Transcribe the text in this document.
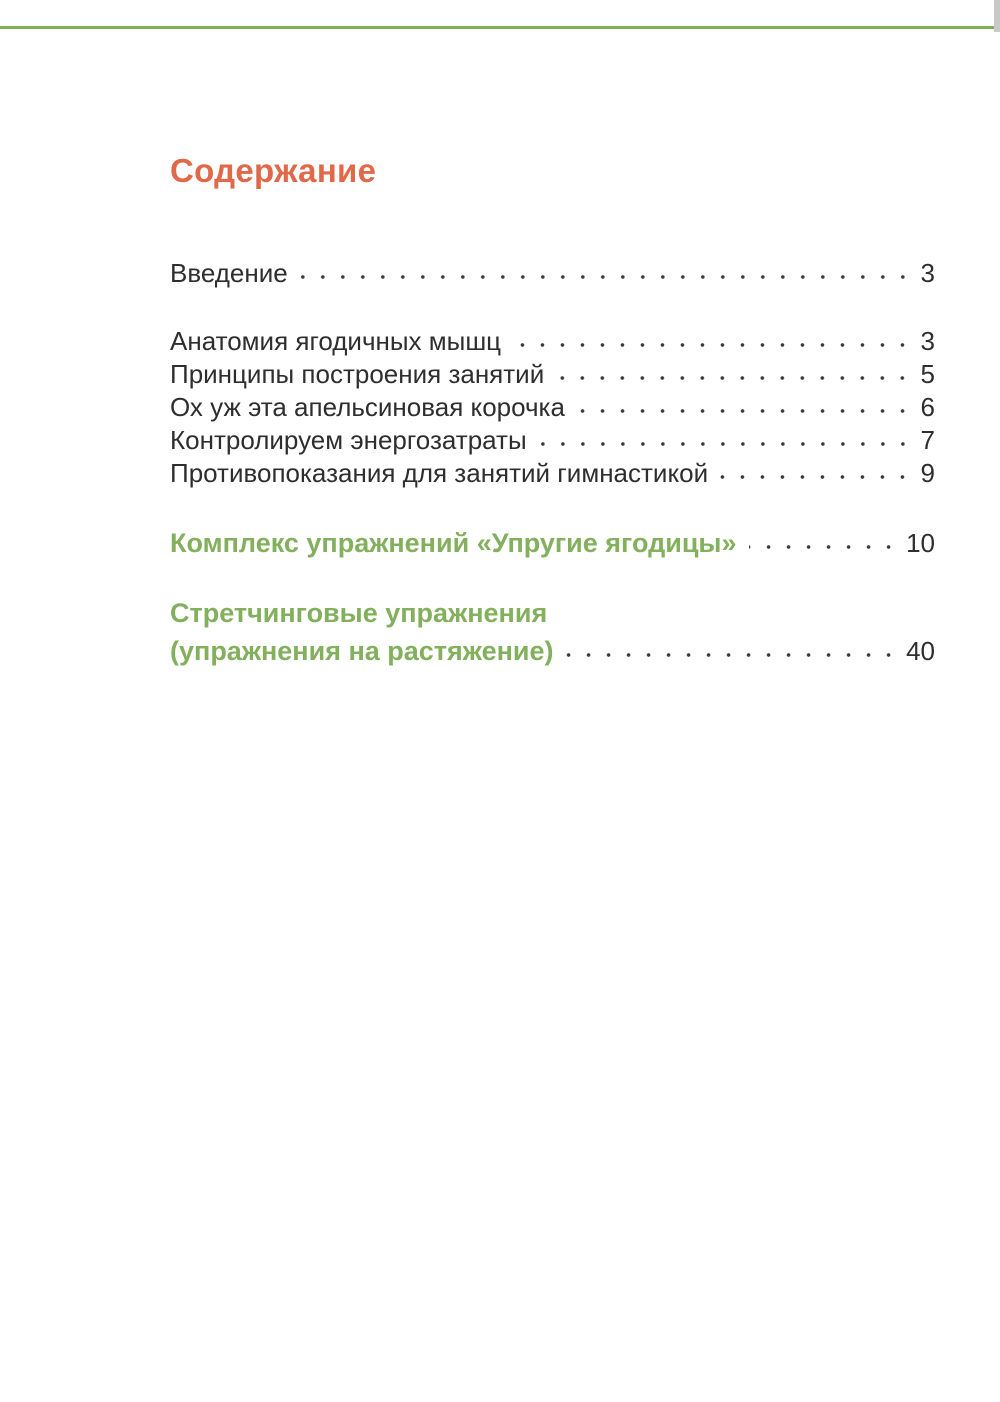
Содержание
Введение	3
Анатомия ягодичных мышц	3
Принципы построения занятий	5
Ох уж эта апельсиновая корочка	6
Контролируем энергозатраты	7
Противопоказания для занятий гимнастикой	9
Комплекс упражнений «Упругие ягодицы»	10
Стретчинговые упражнения
(упражнения на растяжение)	40
